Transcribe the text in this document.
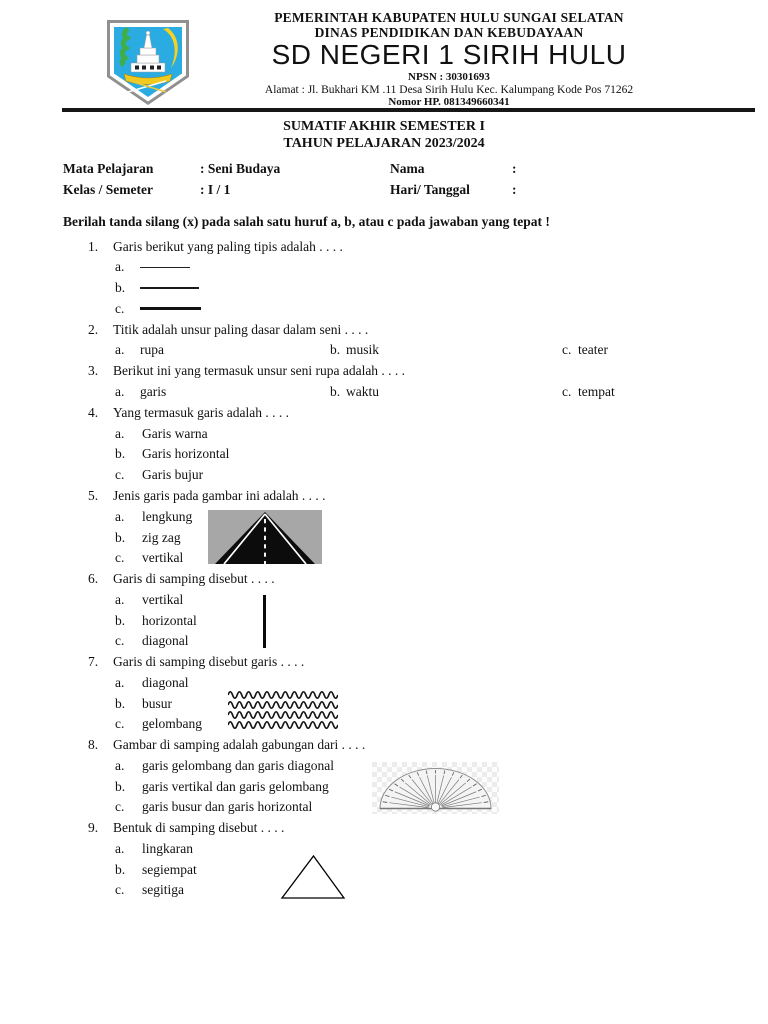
PEMERINTAH KABUPATEN HULU SUNGAI SELATAN
DINAS PENDIDIKAN DAN KEBUDAYAAN
SD NEGERI 1 SIRIH HULU
NPSN : 30301693
Alamat : Jl. Bukhari KM .11 Desa Sirih Hulu Kec. Kalumpang Kode Pos 71262
Nomor HP. 081349660341
SUMATIF AKHIR SEMESTER I
TAHUN PELAJARAN 2023/2024
Mata Pelajaran	: Seni Budaya	Nama	:
Kelas / Semeter	: I / 1	Hari/ Tanggal	:
Berilah tanda silang (x) pada salah satu huruf a, b, atau c pada jawaban yang tepat !
1.	Garis berikut yang paling tipis adalah . . . .
a.
b.
c.
2.	Titik adalah unsur paling dasar dalam seni . . . .
a.	rupa	b. musik	c. teater
3.	Berikut ini yang termasuk unsur seni rupa adalah . . . .
a.	garis	b. waktu	c. tempat
4.	Yang termasuk garis adalah . . . .
a.	Garis warna
b.	Garis horizontal
c.	Garis bujur
5.	Jenis garis pada gambar ini adalah . . . .
a.	lengkung
b.	zig zag
c.	vertikal
6.	Garis di samping disebut . . . .
a.	vertikal
b.	horizontal
c.	diagonal
7.	Garis di samping disebut garis . . . .
a.	diagonal
b.	busur
c.	gelombang
8.	Gambar di samping adalah gabungan dari . . . .
a.	garis gelombang dan garis diagonal
b.	garis vertikal dan garis gelombang
c.	garis busur dan garis horizontal
9.	Bentuk di samping disebut . . . .
a.	lingkaran
b.	segiempat
c.	segitiga
